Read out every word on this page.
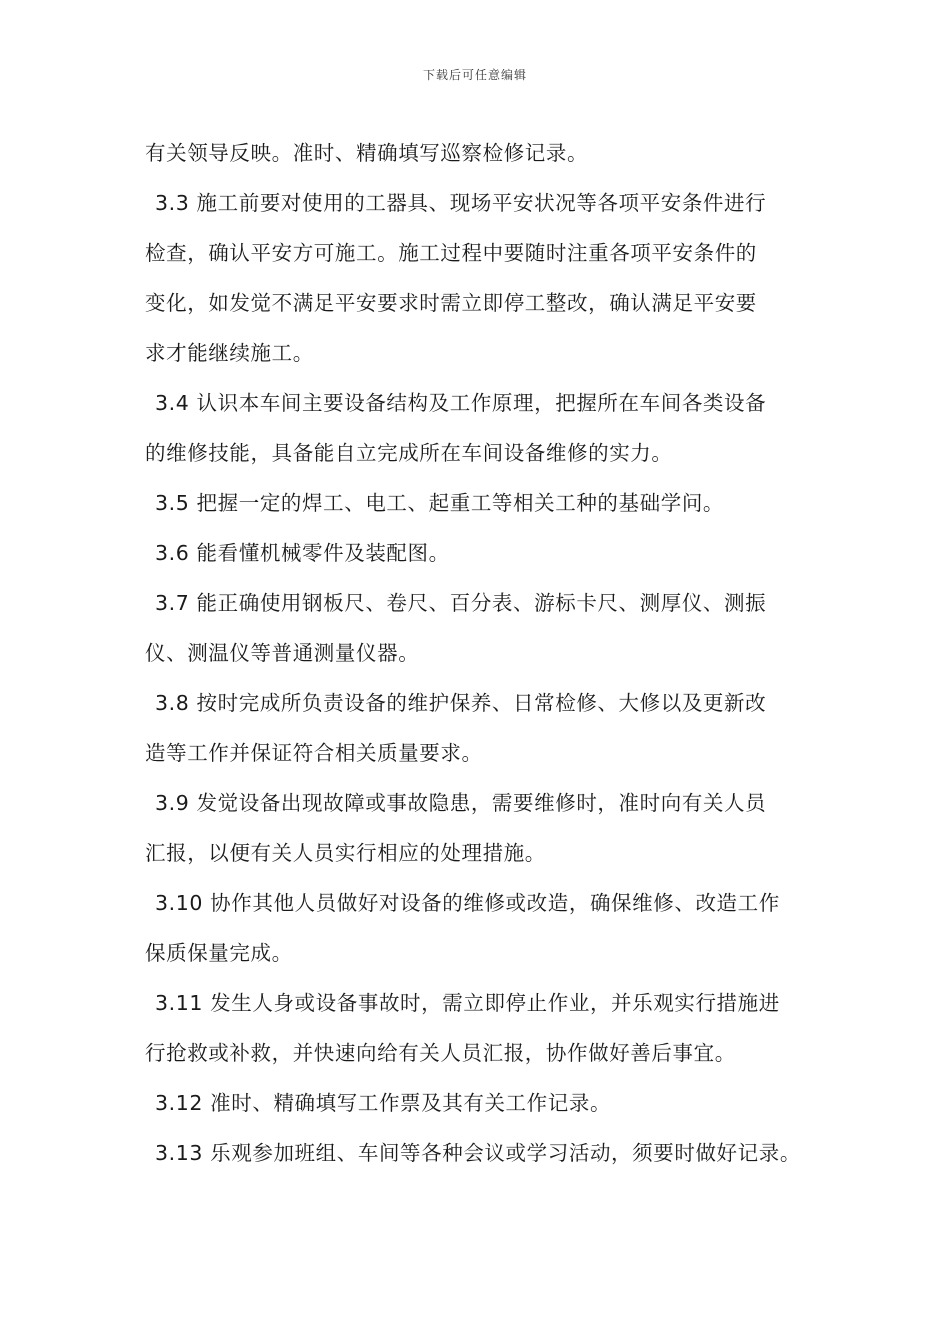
下载后可任意编辑
有关领导反映。准时、精确填写巡察检修记录。
3.3 施工前要对使用的工器具、现场平安状况等各项平安条件进行
检查，确认平安方可施工。施工过程中要随时注重各项平安条件的
变化，如发觉不满足平安要求时需立即停工整改，确认满足平安要
求才能继续施工。
3.4 认识本车间主要设备结构及工作原理，把握所在车间各类设备
的维修技能，具备能自立完成所在车间设备维修的实力。
3.5 把握一定的焊工、电工、起重工等相关工种的基础学问。
3.6 能看懂机械零件及装配图。
3.7 能正确使用钢板尺、卷尺、百分表、游标卡尺、测厚仪、测振
仪、测温仪等普通测量仪器。
3.8 按时完成所负责设备的维护保养、日常检修、大修以及更新改
造等工作并保证符合相关质量要求。
3.9 发觉设备出现故障或事故隐患，需要维修时，准时向有关人员
汇报，以便有关人员实行相应的处理措施。
3.10 协作其他人员做好对设备的维修或改造，确保维修、改造工作
保质保量完成。
3.11 发生人身或设备事故时，需立即停止作业，并乐观实行措施进
行抢救或补救，并快速向给有关人员汇报，协作做好善后事宜。
3.12 准时、精确填写工作票及其有关工作记录。
3.13 乐观参加班组、车间等各种会议或学习活动，须要时做好记录。
